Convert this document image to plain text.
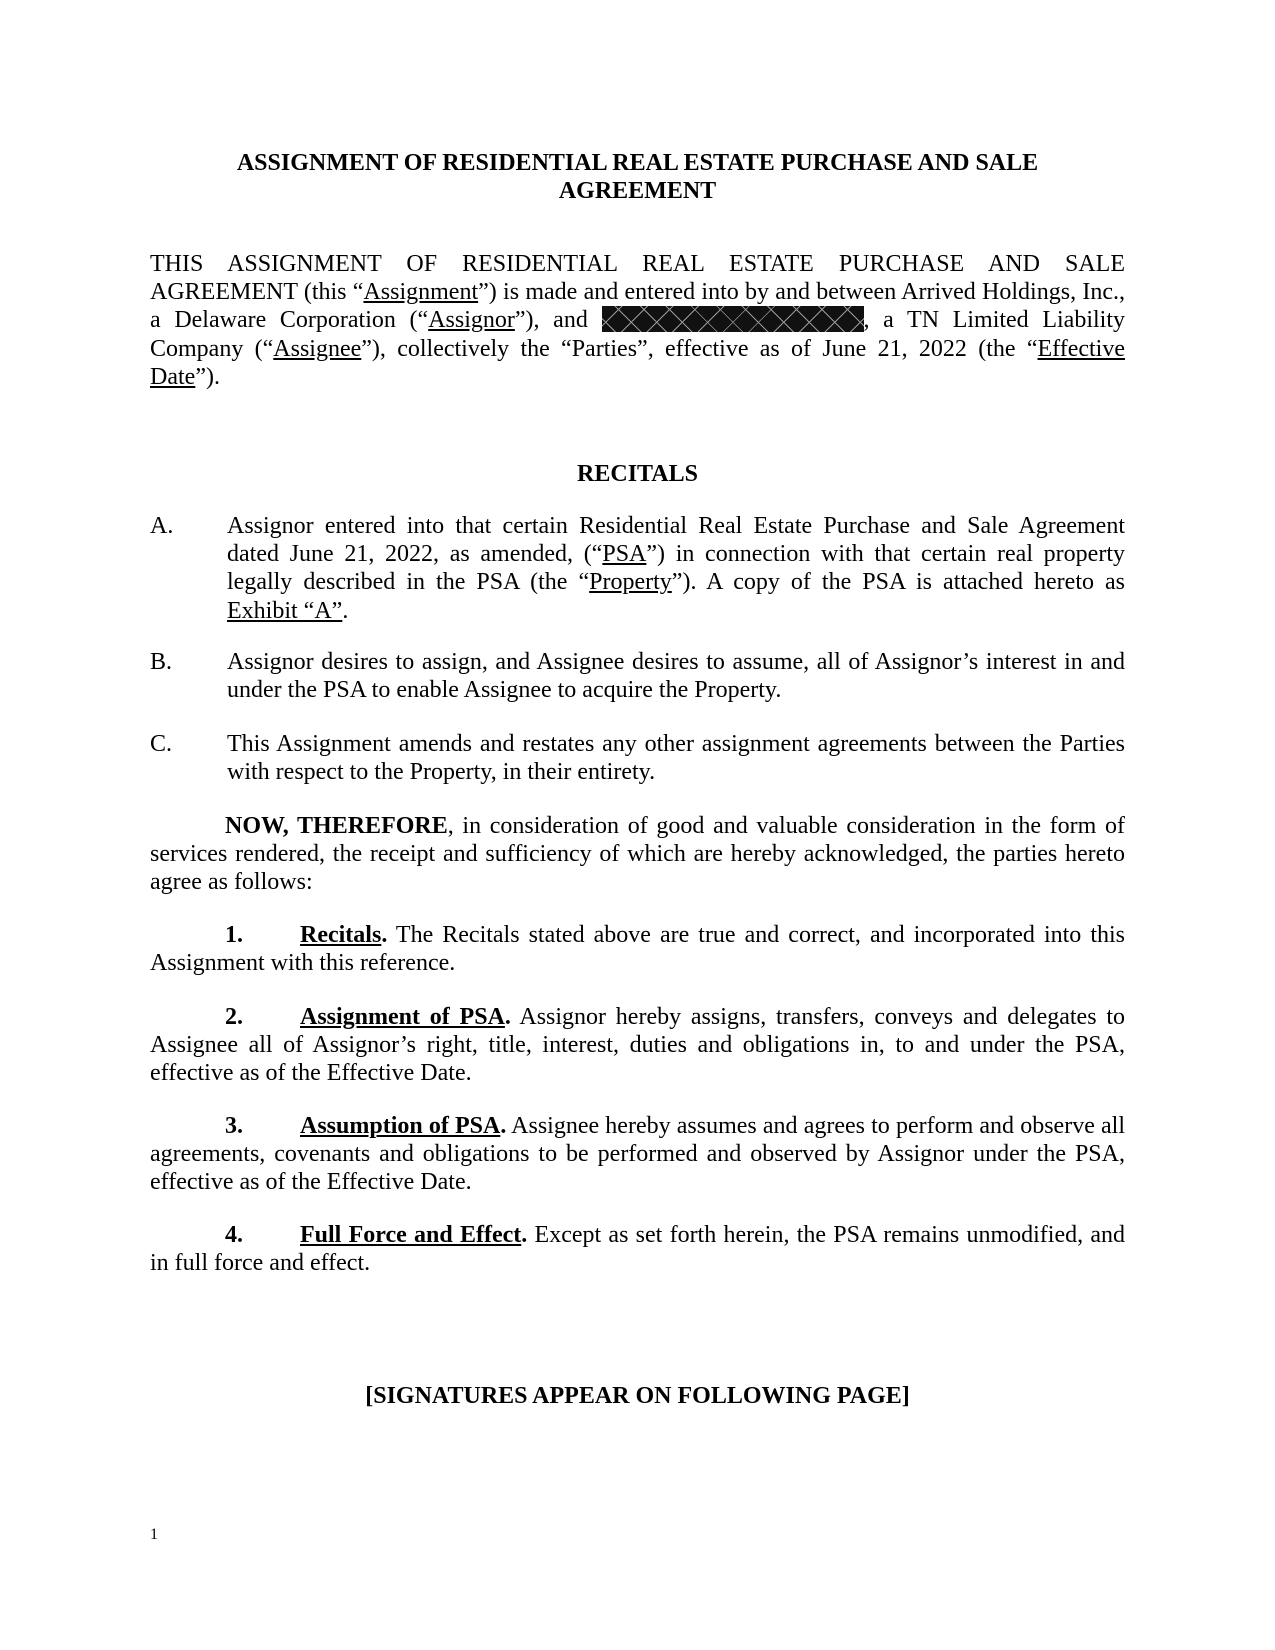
ASSIGNMENT OF RESIDENTIAL REAL ESTATE PURCHASE AND SALE
AGREEMENT

THIS ASSIGNMENT OF RESIDENTIAL REAL ESTATE PURCHASE AND SALE AGREEMENT (this “Assignment”) is made and entered into by and between Arrived Holdings, Inc., a Delaware Corporation (“Assignor”), and	, a TN Limited Liability Company (“Assignee”), collectively the “Parties”, effective as of June 21, 2022 (the “Effective Date”).

RECITALS
A. Assignor entered into that certain Residential Real Estate Purchase and Sale Agreement dated June 21, 2022, as amended, (“PSA”) in connection with that certain real property legally described in the PSA (the “Property”). A copy of the PSA is attached hereto as Exhibit “A”.
B. Assignor desires to assign, and Assignee desires to assume, all of Assignor’s interest in and under the PSA to enable Assignee to acquire the Property.
C. This Assignment amends and restates any other assignment agreements between the Parties with respect to the Property, in their entirety.

NOW, THEREFORE, in consideration of good and valuable consideration in the form of services rendered, the receipt and sufficiency of which are hereby acknowledged, the parties hereto agree as follows:

1. Recitals. The Recitals stated above are true and correct, and incorporated into this Assignment with this reference.

2. Assignment of PSA. Assignor hereby assigns, transfers, conveys and delegates to Assignee all of Assignor’s right, title, interest, duties and obligations in, to and under the PSA, effective as of the Effective Date.

3. Assumption of PSA. Assignee hereby assumes and agrees to perform and observe all agreements, covenants and obligations to be performed and observed by Assignor under the PSA, effective as of the Effective Date.

4. Full Force and Effect. Except as set forth herein, the PSA remains unmodified, and in full force and effect.

[SIGNATURES APPEAR ON FOLLOWING PAGE]
1
